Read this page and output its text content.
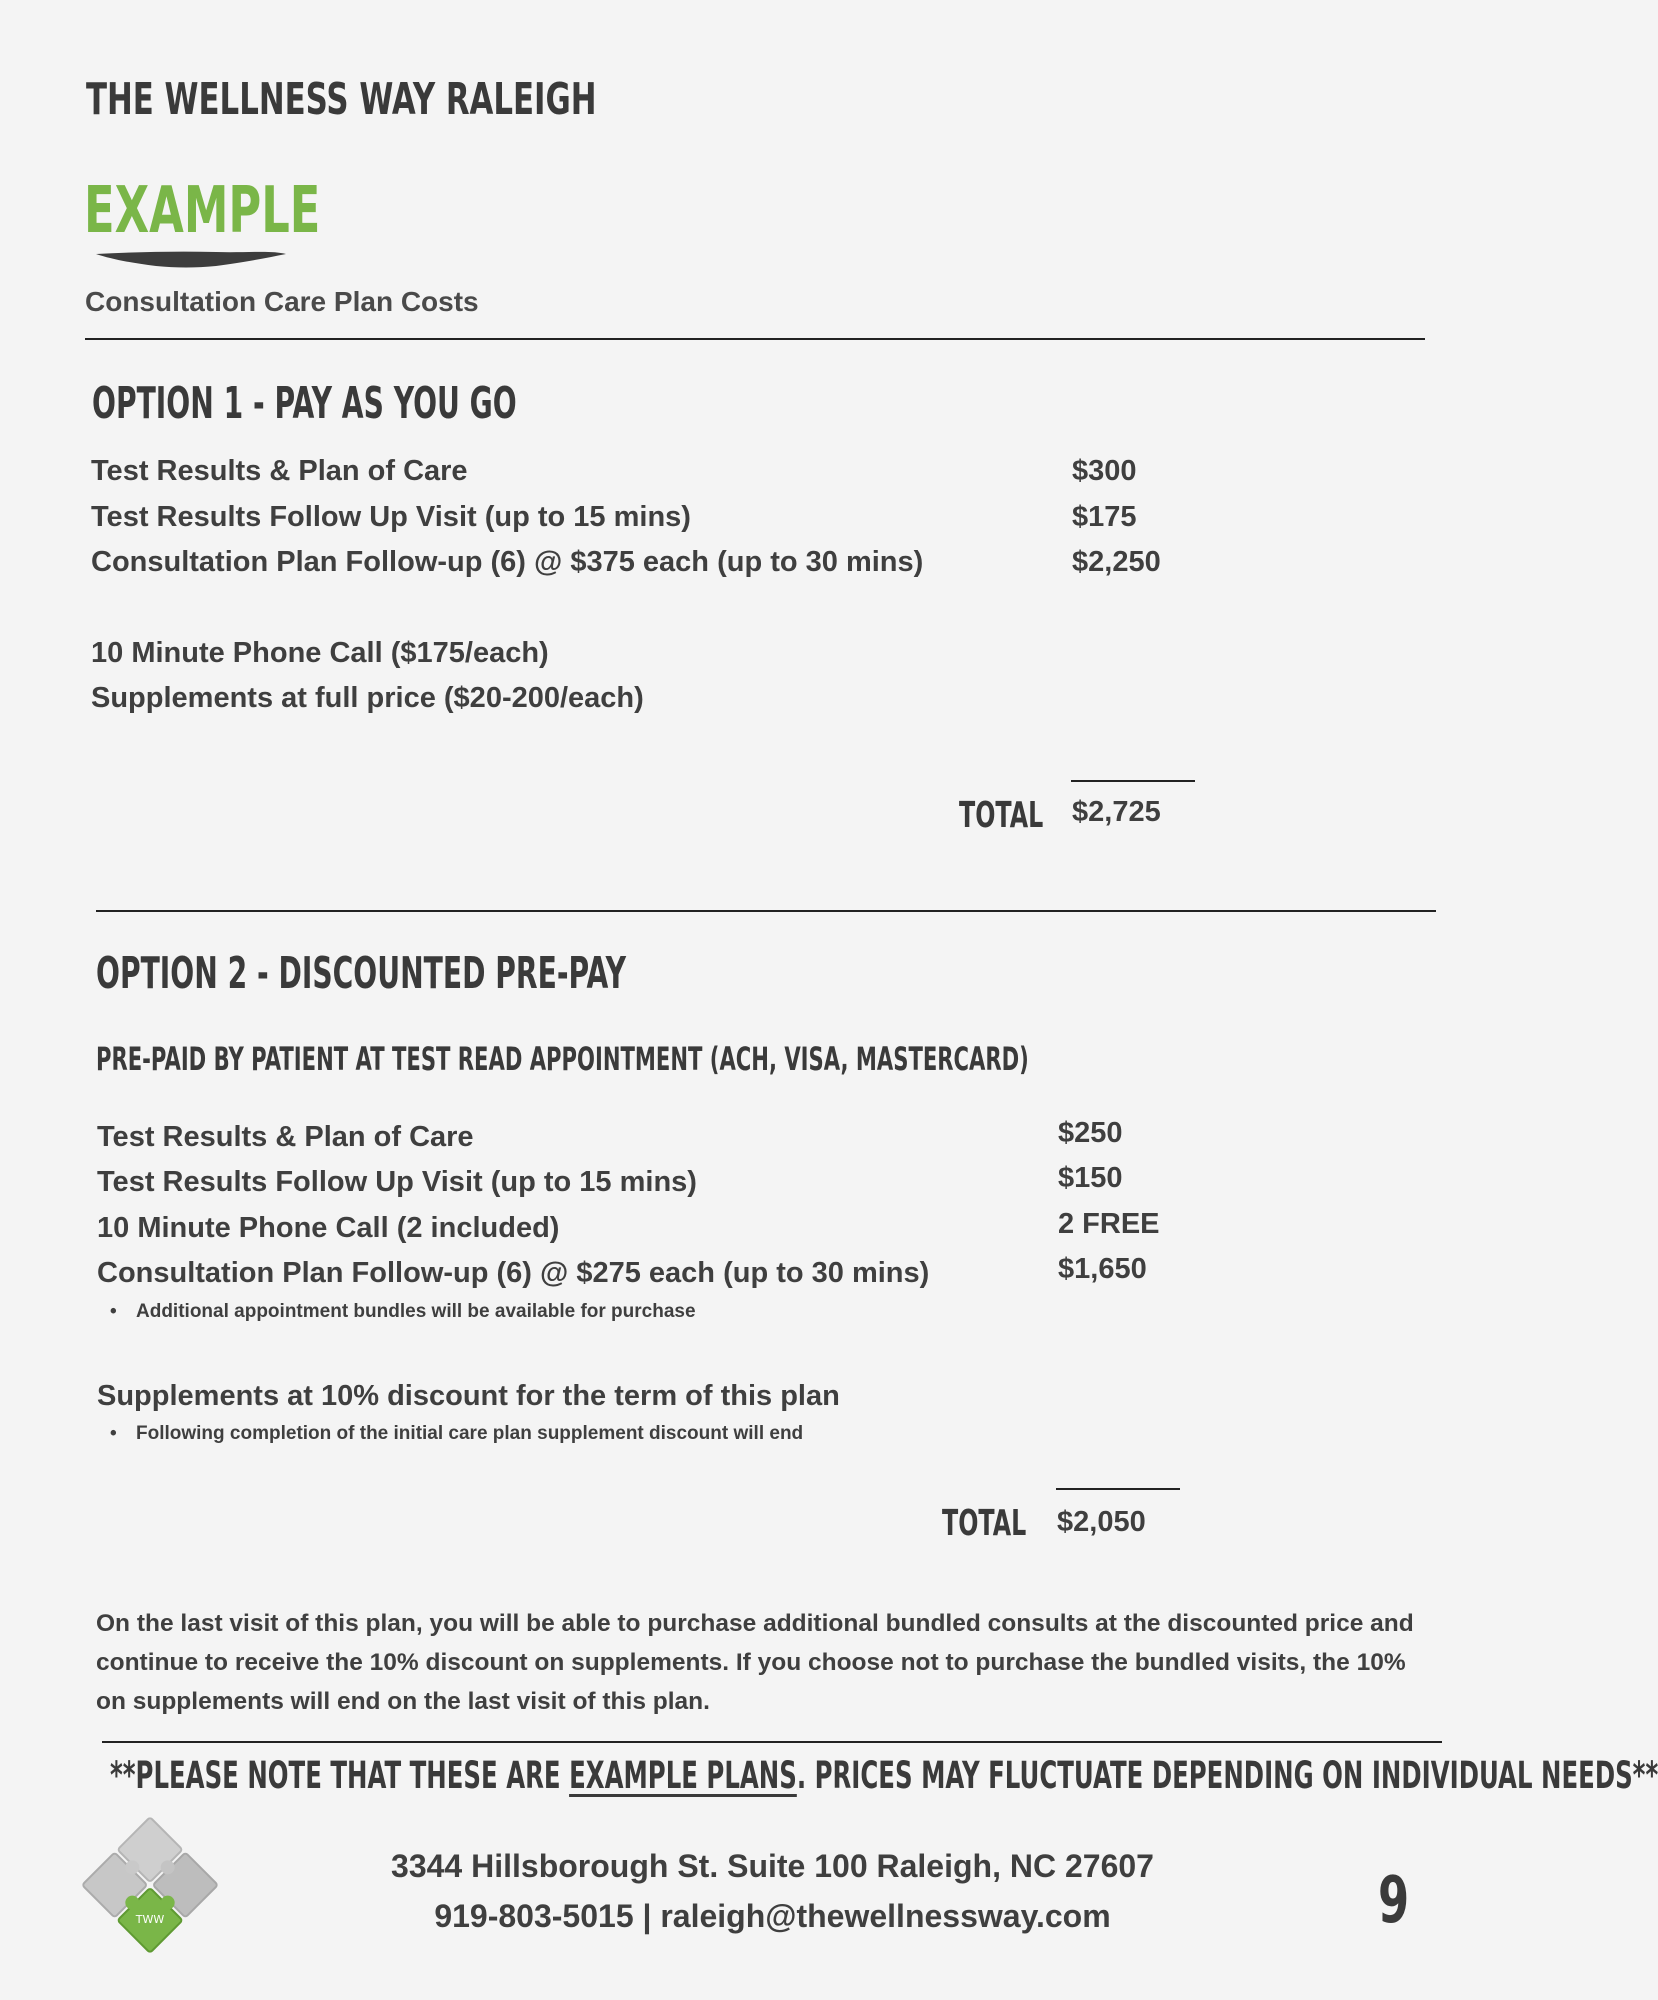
THE WELLNESS WAY RALEIGH
EXAMPLE
Consultation Care Plan Costs
OPTION 1 - PAY AS YOU GO
Test Results & Plan of Care	$300
Test Results Follow Up Visit (up to 15 mins)	$175
Consultation Plan Follow-up (6) @ $375 each (up to 30 mins)	$2,250
10 Minute Phone Call ($175/each)
Supplements at full price ($20-200/each)
TOTAL $2,725
OPTION 2 - DISCOUNTED PRE-PAY
PRE-PAID BY PATIENT AT TEST READ APPOINTMENT (ACH, VISA, MASTERCARD)
Test Results & Plan of Care	$250
Test Results Follow Up Visit (up to 15 mins)	$150
10 Minute Phone Call (2 included)	2 FREE
Consultation Plan Follow-up (6) @ $275 each (up to 30 mins)	$1,650
• Additional appointment bundles will be available for purchase
Supplements at 10% discount for the term of this plan
• Following completion of the initial care plan supplement discount will end
TOTAL $2,050
On the last visit of this plan, you will be able to purchase additional bundled consults at the discounted price and continue to receive the 10% discount on supplements. If you choose not to purchase the bundled visits, the 10% on supplements will end on the last visit of this plan.
**PLEASE NOTE THAT THESE ARE EXAMPLE PLANS. PRICES MAY FLUCTUATE DEPENDING ON INDIVIDUAL NEEDS**
TWW
3344 Hillsborough St. Suite 100 Raleigh, NC 27607
919-803-5015 | raleigh@thewellnessway.com	9
